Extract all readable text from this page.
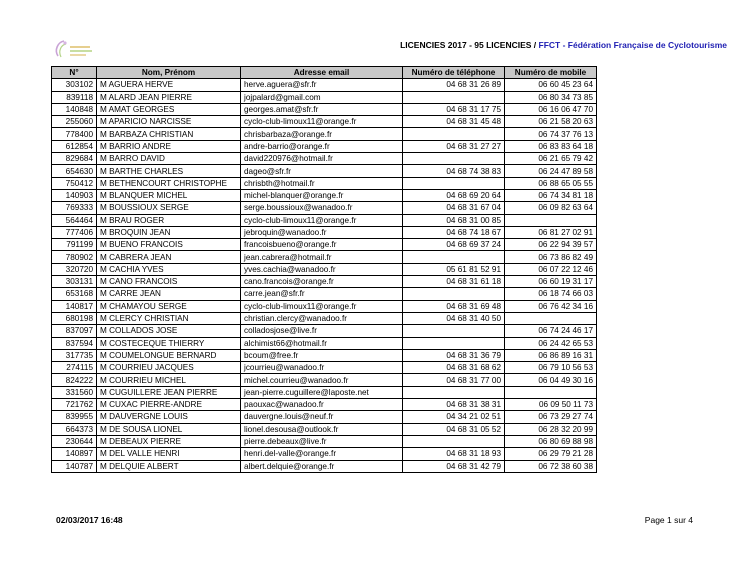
LICENCIES 2017 - 95 LICENCIES / FFCT - Fédération Française de Cyclotourisme
N°	Nom, Prénom	Adresse email	Numéro de téléphone	Numéro de mobile
303102	M AGUERA HERVE	herve.aguera@sfr.fr	04 68 31 26 89	06 60 45 23 64
839118	M ALARD JEAN PIERRE	jojpalard@gmail.com		06 80 34 73 85
140848	M AMAT GEORGES	georges.amat@sfr.fr	04 68 31 17 75	06 16 06 47 70
255060	M APARICIO NARCISSE	cyclo-club-limoux11@orange.fr	04 68 31 45 48	06 21 58 20 63
778400	M BARBAZA CHRISTIAN	chrisbarbaza@orange.fr		06 74 37 76 13
612854	M BARRIO ANDRE	andre-barrio@orange.fr	04 68 31 27 27	06 83 83 64 18
829684	M BARRO DAVID	david220976@hotmail.fr		06 21 65 79 42
654630	M BARTHE CHARLES	dageo@sfr.fr	04 68 74 38 83	06 24 47 89 58
750412	M BETHENCOURT CHRISTOPHE	chrisbth@hotmail.fr		06 88 65 05 55
140903	M BLANQUER MICHEL	michel-blanquer@orange.fr	04 68 69 20 64	06 74 34 81 18
769333	M BOUSSIOUX SERGE	serge.boussioux@wanadoo.fr	04 68 31 67 04	06 09 82 63 64
564464	M BRAU ROGER	cyclo-club-limoux11@orange.fr	04 68 31 00 85	
777406	M BROQUIN JEAN	jebroquin@wanadoo.fr	04 68 74 18 67	06 81 27 02 91
791199	M BUENO FRANCOIS	francoisbueno@orange.fr	04 68 69 37 24	06 22 94 39 57
780902	M CABRERA JEAN	jean.cabrera@hotmail.fr		06 73 86 82 49
320720	M CACHIA YVES	yves.cachia@wanadoo.fr	05 61 81 52 91	06 07 22 12 46
303131	M CANO FRANCOIS	cano.francois@orange.fr	04 68 31 61 18	06 60 19 31 17
653168	M CARRE JEAN	carre.jean@sfr.fr		06 18 74 66 03
140817	M CHAMAYOU SERGE	cyclo-club-limoux11@orange.fr	04 68 31 69 48	06 76 42 34 16
680198	M CLERCY CHRISTIAN	christian.clercy@wanadoo.fr	04 68 31 40 50	
837097	M COLLADOS JOSE	colladosjose@live.fr		06 74 24 46 17
837594	M COSTECEQUE THIERRY	alchimist66@hotmail.fr		06 24 42 65 53
317735	M COUMELONGUE BERNARD	bcoum@free.fr	04 68 31 36 79	06 86 89 16 31
274115	M COURRIEU JACQUES	jcourrieu@wanadoo.fr	04 68 31 68 62	06 79 10 56 53
824222	M COURRIEU MICHEL	michel.courrieu@wanadoo.fr	04 68 31 77 00	06 04 49 30 16
331560	M CUGUILLERE JEAN PIERRE	jean-pierre.cuguillere@laposte.net		
721762	M CUXAC PIERRE-ANDRE	paouxac@wanadoo.fr	04 68 31 38 31	06 09 50 11 73
839955	M DAUVERGNE LOUIS	dauvergne.louis@neuf.fr	04 34 21 02 51	06 73 29 27 74
664373	M DE SOUSA LIONEL	lionel.desousa@outlook.fr	04 68 31 05 52	06 28 32 20 99
230644	M DEBEAUX PIERRE	pierre.debeaux@live.fr		06 80 69 88 98
140897	M DEL VALLE HENRI	henri.del-valle@orange.fr	04 68 31 18 93	06 29 79 21 28
140787	M DELQUIE ALBERT	albert.delquie@orange.fr	04 68 31 42 79	06 72 38 60 38
02/03/2017 16:48	Page 1 sur 4
